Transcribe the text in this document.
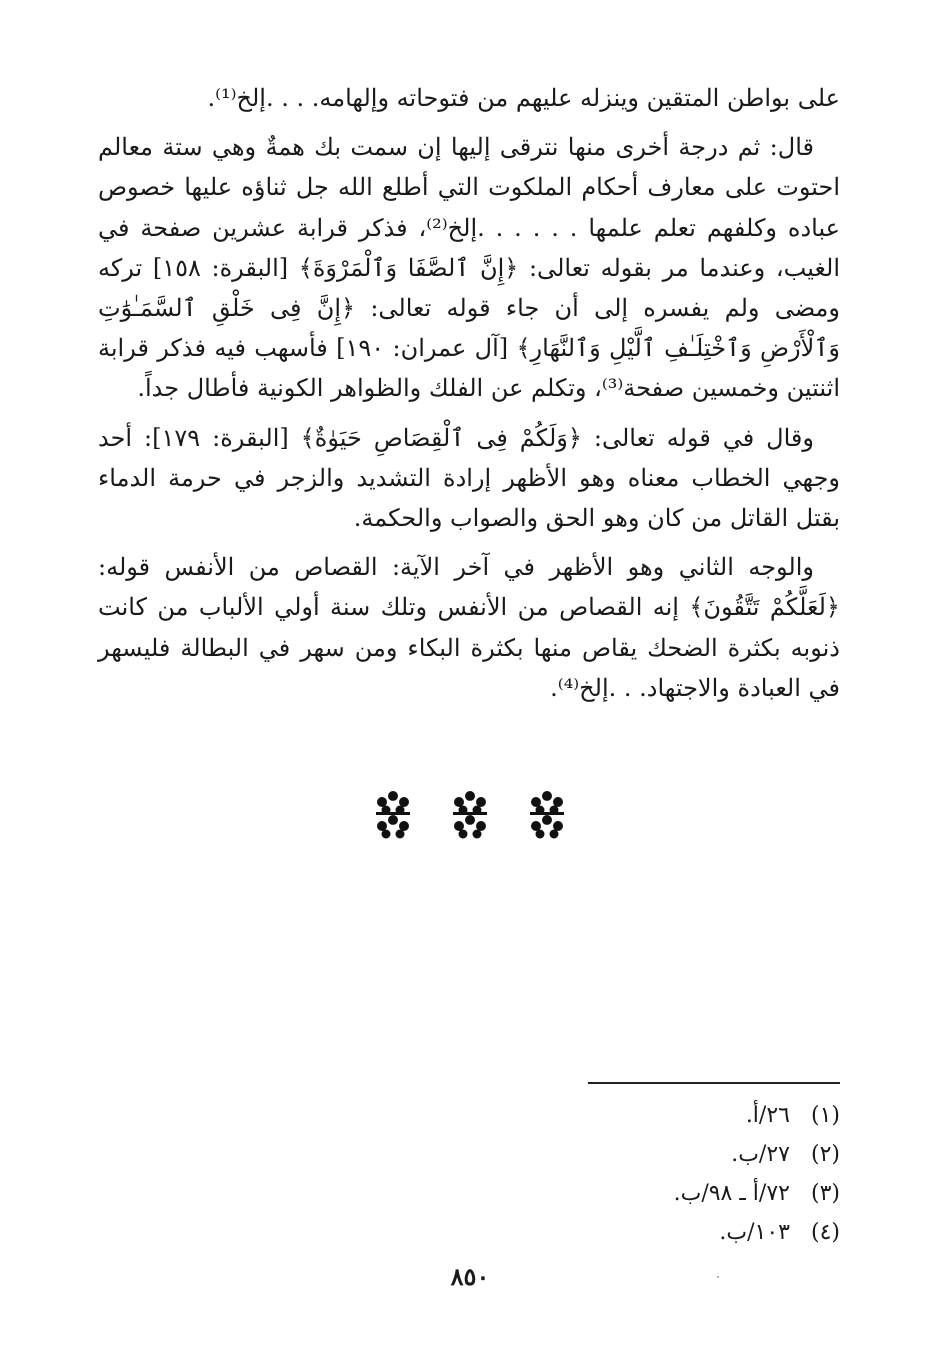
على بواطن المتقين وينزله عليهم من فتوحاته وإلهامه. . . .إلخ⁽¹⁾.

قال: ثم درجة أخرى منها نترقى إليها إن سمت بك همةٌ وهي ستة معالم احتوت على معارف أحكام الملكوت التي أطلع الله جل ثناؤه عليها خصوص عباده وكلفهم تعلم علمها . . . . . .إلخ⁽²⁾، فذكر قرابة عشرين صفحة في الغيب، وعندما مر بقوله تعالى: ﴿إِنَّ ٱلصَّفَا وَٱلْمَرْوَةَ﴾ [البقرة: ١٥٨] تركه ومضى ولم يفسره إلى أن جاء قوله تعالى: ﴿إِنَّ فِى خَلْقِ ٱلسَّمَـٰوَٰتِ وَٱلْأَرْضِ وَٱخْتِلَـٰفِ ٱلَّيْلِ وَٱلنَّهَارِ﴾ [آل عمران: ١٩٠] فأسهب فيه فذكر قرابة اثنتين وخمسين صفحة⁽³⁾، وتكلم عن الفلك والظواهر الكونية فأطال جداً.

وقال في قوله تعالى: ﴿وَلَكُمْ فِى ٱلْقِصَاصِ حَيَوٰةٌ﴾ [البقرة: ١٧٩]: أحد وجهي الخطاب معناه وهو الأظهر إرادة التشديد والزجر في حرمة الدماء بقتل القاتل من كان وهو الحق والصواب والحكمة.

والوجه الثاني وهو الأظهر في آخر الآية: القصاص من الأنفس قوله: ﴿لَعَلَّكُمْ تَتَّقُونَ﴾ إنه القصاص من الأنفس وتلك سنة أولي الألباب من كانت ذنوبه بكثرة الضحك يقاص منها بكثرة البكاء ومن سهر في البطالة فليسهر في العبادة والاجتهاد. . .إلخ⁽⁴⁾.

(١) ٢٦/أ.
(٢) ٢٧/ب.
(٣) ٧٢/أ ـ ٩٨/ب.
(٤) ١٠٣/ب.
٨٥٠
